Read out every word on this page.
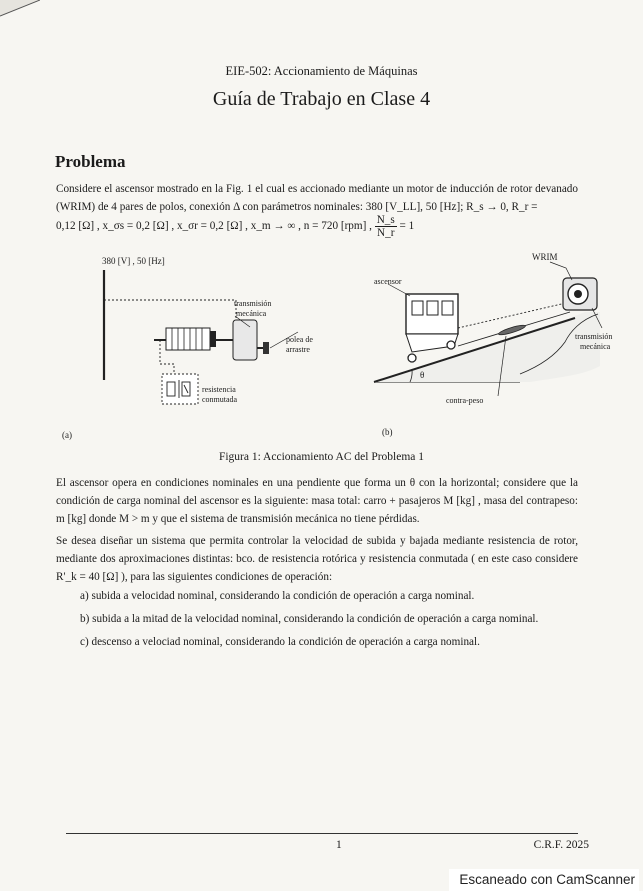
EIE-502: Accionamiento de Máquinas
Guía de Trabajo en Clase 4
Problema
Considere el ascensor mostrado en la Fig. 1 el cual es accionado mediante un motor de inducción de rotor devanado (WRIM) de 4 pares de polos, conexión Δ con parámetros nominales: 380 [V_LL], 50 [Hz]; R_s → 0, R_r =
0,12 [Ω] , x_σs = 0,2 [Ω] , x_σr = 0,2 [Ω] , x_m → ∞ , n = 720 [rpm] , $\frac{N\_s}{N\_r} = 1$
380 [V] , 50 [Hz]
transmisión
mecánica
polea de
arrastre
resistencia
conmutada
(a)
θ
ascensor
WRIM
transmisión
mecánica
contra-peso
(b)
Figura 1: Accionamiento AC del Problema 1
El ascensor opera en condiciones nominales en una pendiente que forma un θ con la horizontal; considere que la condición de carga nominal del ascensor es la siguiente: masa total: carro + pasajeros M [kg] , masa del contrapeso: m [kg] donde M > m y que el sistema de transmisión mecánica no tiene pérdidas.
Se desea diseñar un sistema que permita controlar la velocidad de subida y bajada mediante resistencia de rotor, mediante dos aproximaciones distintas: bco. de resistencia rotórica y resistencia conmutada ( en este caso considere R'_k = 40 [Ω] ), para las siguientes condiciones de operación:
a) subida a velocidad nominal, considerando la condición de operación a carga nominal.
b) subida a la mitad de la velocidad nominal, considerando la condición de operación a carga nominal.
c) descenso a velociad nominal, considerando la condición de operación a carga nominal.
1	C.R.F. 2025
Escaneado con CamScanner
